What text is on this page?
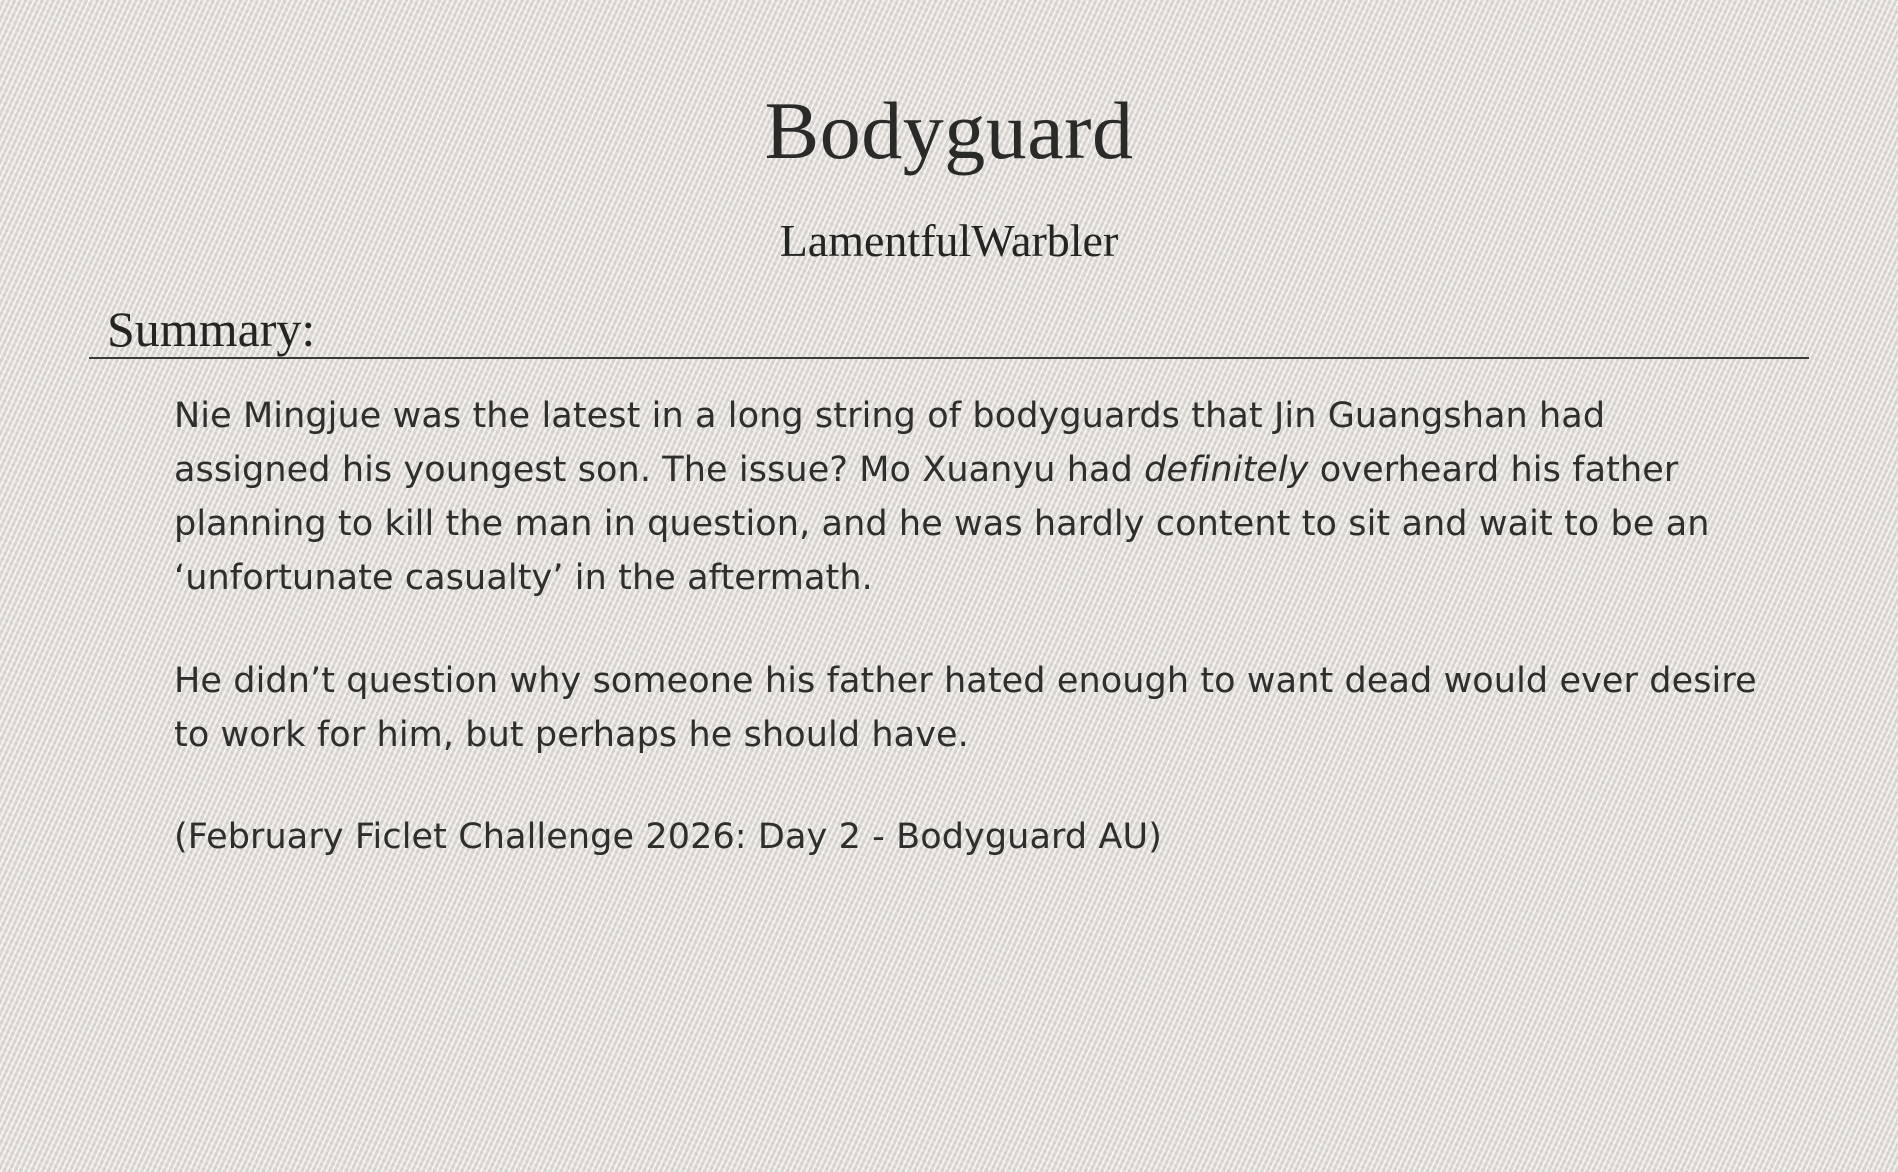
Bodyguard
LamentfulWarbler
Summary:

Nie Mingjue was the latest in a long string of bodyguards that Jin Guangshan had assigned his youngest son. The issue? Mo Xuanyu had definitely overheard his father planning to kill the man in question, and he was hardly content to sit and wait to be an ‘unfortunate casualty’ in the aftermath.

He didn’t question why someone his father hated enough to want dead would ever desire to work for him, but perhaps he should have.

(February Ficlet Challenge 2026: Day 2 - Bodyguard AU)
